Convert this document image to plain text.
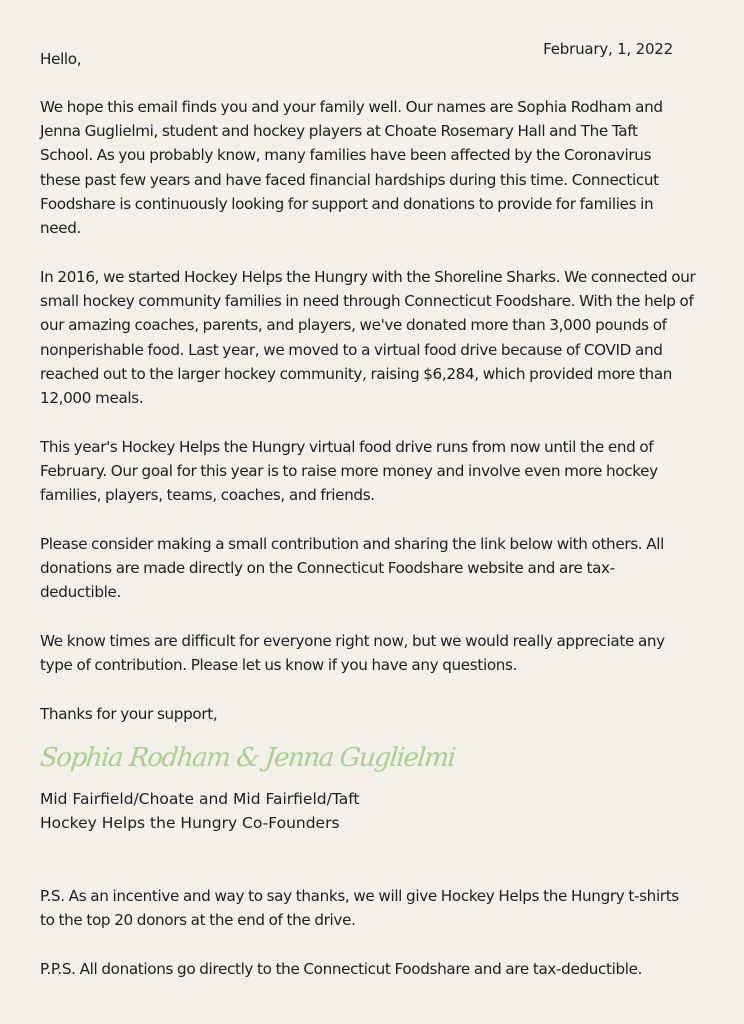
February, 1, 2022

Hello,

We hope this email finds you and your family well. Our names are Sophia Rodham and
Jenna Guglielmi, student and hockey players at Choate Rosemary Hall and The Taft
School. As you probably know, many families have been affected by the Coronavirus
these past few years and have faced financial hardships during this time. Connecticut
Foodshare is continuously looking for support and donations to provide for families in
need.

In 2016, we started Hockey Helps the Hungry with the Shoreline Sharks. We connected our
small hockey community families in need through Connecticut Foodshare. With the help of
our amazing coaches, parents, and players, we've donated more than 3,000 pounds of
nonperishable food. Last year, we moved to a virtual food drive because of COVID and
reached out to the larger hockey community, raising $6,284, which provided more than
12,000 meals.

This year's Hockey Helps the Hungry virtual food drive runs from now until the end of
February. Our goal for this year is to raise more money and involve even more hockey
families, players, teams, coaches, and friends.

Please consider making a small contribution and sharing the link below with others. All
donations are made directly on the Connecticut Foodshare website and are tax-
deductible.

We know times are difficult for everyone right now, but we would really appreciate any
type of contribution. Please let us know if you have any questions.

Thanks for your support,

Sophia Rodham & Jenna Guglielmi

Mid Fairfield/Choate and Mid Fairfield/Taft
Hockey Helps the Hungry Co-Founders

P.S. As an incentive and way to say thanks, we will give Hockey Helps the Hungry t-shirts
to the top 20 donors at the end of the drive.

P.P.S. All donations go directly to the Connecticut Foodshare and are tax-deductible.
